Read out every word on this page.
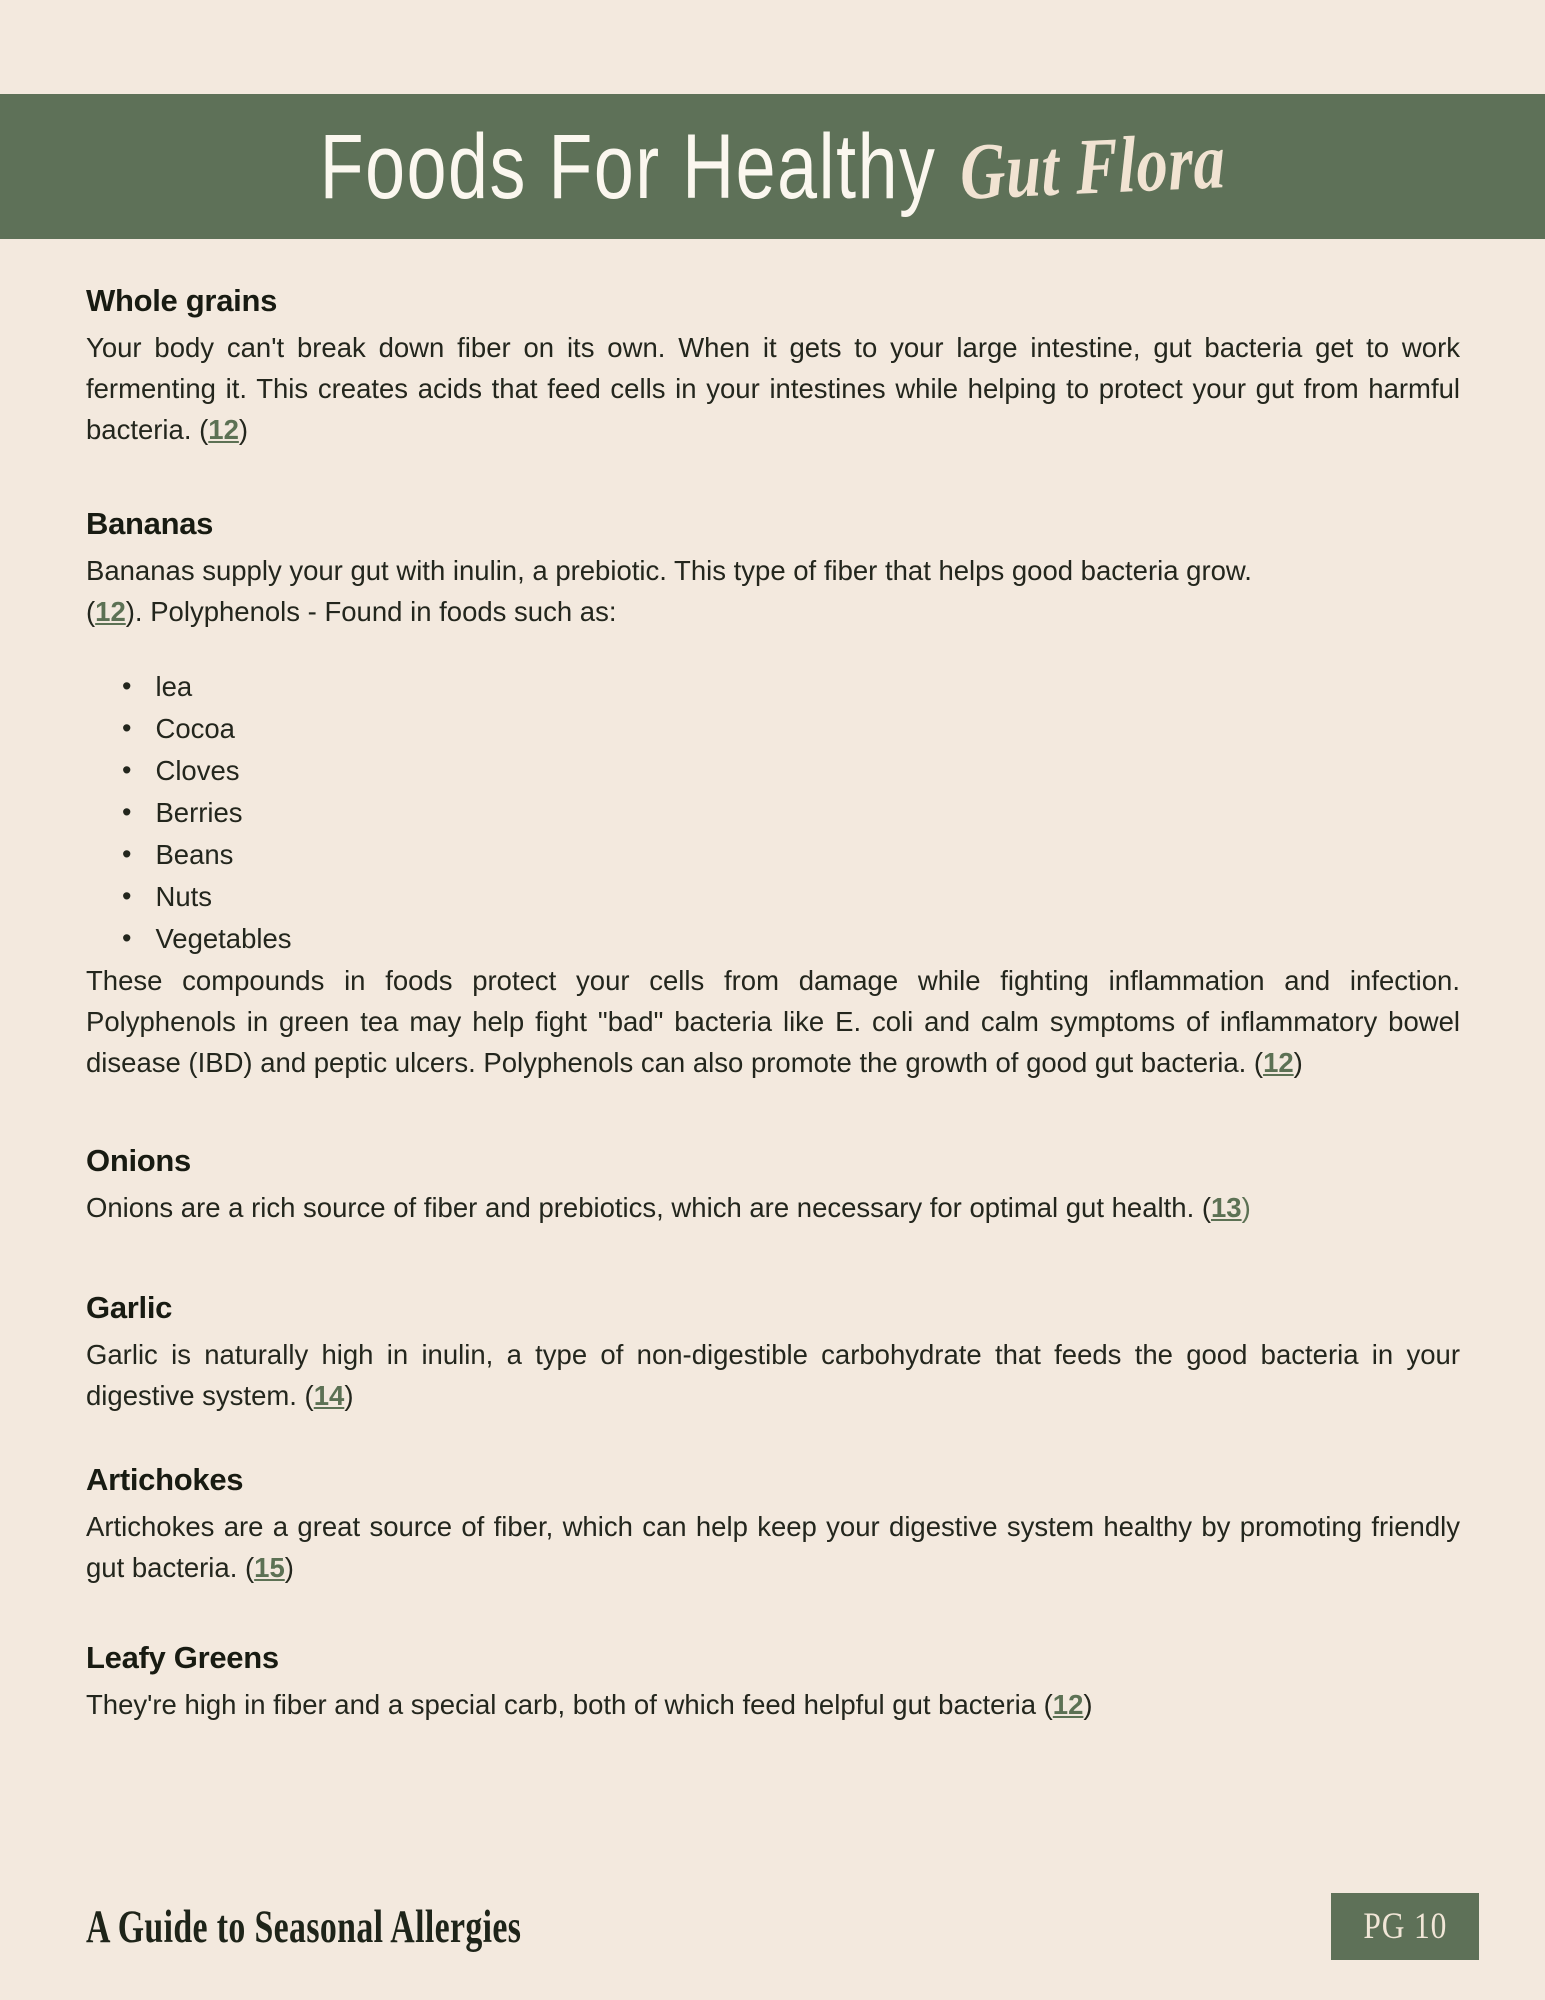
Foods For Healthy Gut Flora
Whole grains

Your body can't break down fiber on its own. When it gets to your large intestine, gut bacteria get to work fermenting it. This creates acids that feed cells in your intestines while helping to protect your gut from harmful bacteria. (12)

Bananas

Bananas supply your gut with inulin, a prebiotic. This type of fiber that helps good bacteria grow.
(12). Polyphenols - Found in foods such as:

• lea
• Cocoa
• Cloves
• Berries
• Beans
• Nuts
• Vegetables

These compounds in foods protect your cells from damage while fighting inflammation and infection. Polyphenols in green tea may help fight "bad" bacteria like E. coli and calm symptoms of inflammatory bowel disease (IBD) and peptic ulcers. Polyphenols can also promote the growth of good gut bacteria. (12)

Onions

Onions are a rich source of fiber and prebiotics, which are necessary for optimal gut health. (13)

Garlic

Garlic is naturally high in inulin, a type of non-digestible carbohydrate that feeds the good bacteria in your digestive system. (14)

Artichokes

Artichokes are a great source of fiber, which can help keep your digestive system healthy by promoting friendly gut bacteria. (15)

Leafy Greens

They're high in fiber and a special carb, both of which feed helpful gut bacteria (12)

A Guide to Seasonal Allergies	PG 10
